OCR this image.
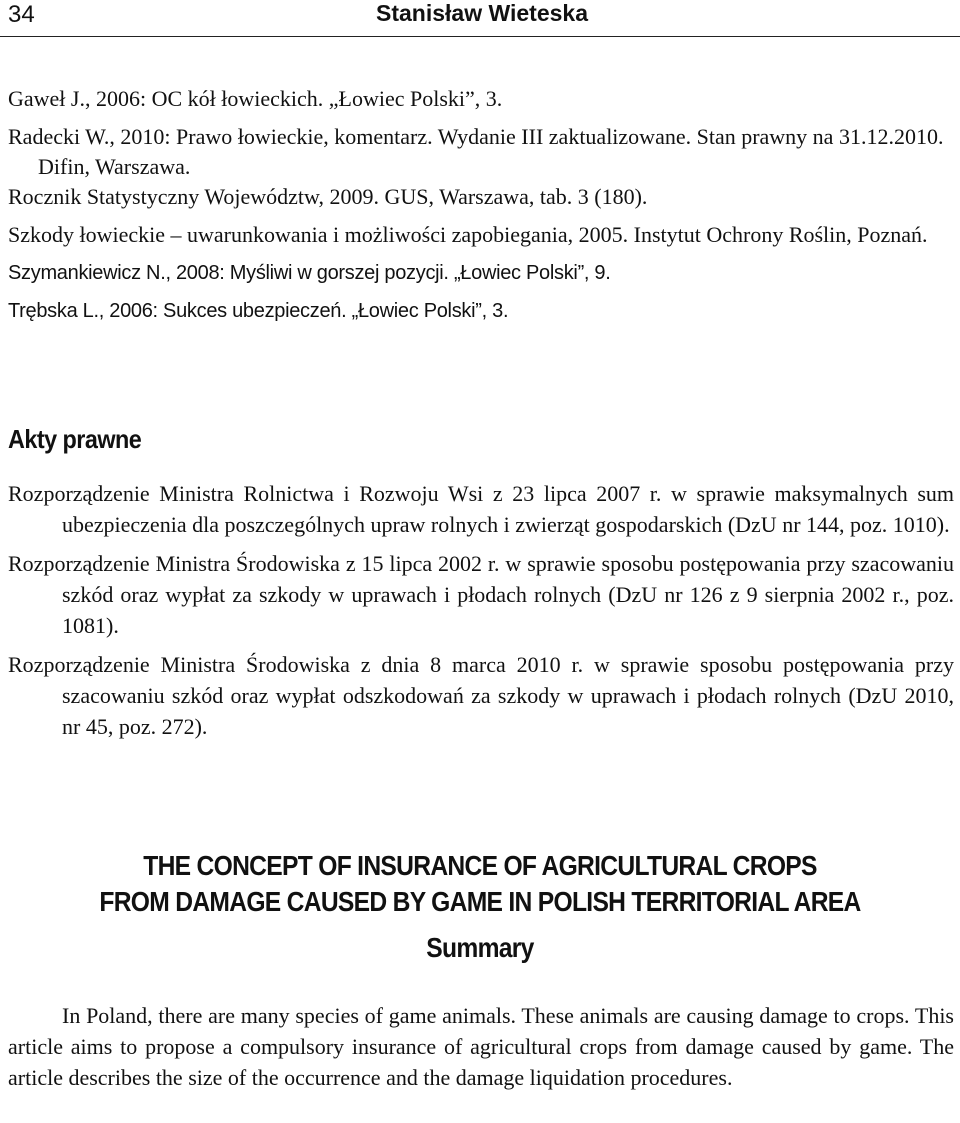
34	Stanisław Wieteska

Gaweł J., 2006: OC kół łowieckich. „Łowiec Polski”, 3.

Radecki W., 2010: Prawo łowieckie, komentarz. Wydanie III zaktualizowane. Stan prawny na 31.12.2010. Difin, Warszawa.

Rocznik Statystyczny Województw, 2009. GUS, Warszawa, tab. 3 (180).

Szkody łowieckie – uwarunkowania i możliwości zapobiegania, 2005. Instytut Ochrony Roślin, Poznań.

Szymankiewicz N., 2008: Myśliwi w gorszej pozycji. „Łowiec Polski”, 9.

Trębska L., 2006: Sukces ubezpieczeń. „Łowiec Polski”, 3.

Akty prawne

Rozporządzenie Ministra Rolnictwa i Rozwoju Wsi z 23 lipca 2007 r. w sprawie maksymalnych sum ubezpieczenia dla poszczególnych upraw rolnych i zwierząt gospodarskich (DzU nr 144, poz. 1010).

Rozporządzenie Ministra Środowiska z 15 lipca 2002 r. w sprawie sposobu postępowania przy szacowaniu szkód oraz wypłat za szkody w uprawach i płodach rolnych (DzU nr 126 z 9 sierpnia 2002 r., poz. 1081).

Rozporządzenie Ministra Środowiska z dnia 8 marca 2010 r. w sprawie sposobu postępowania przy szacowaniu szkód oraz wypłat odszkodowań za szkody w uprawach i płodach rolnych (DzU 2010, nr 45, poz. 272).

THE CONCEPT OF INSURANCE OF AGRICULTURAL CROPS
FROM DAMAGE CAUSED BY GAME IN POLISH TERRITORIAL AREA
Summary

In Poland, there are many species of game animals. These animals are causing damage to crops. This article aims to propose a compulsory insurance of agricultural crops from damage caused by game. The article describes the size of the occurrence and the damage liquidation procedures.
